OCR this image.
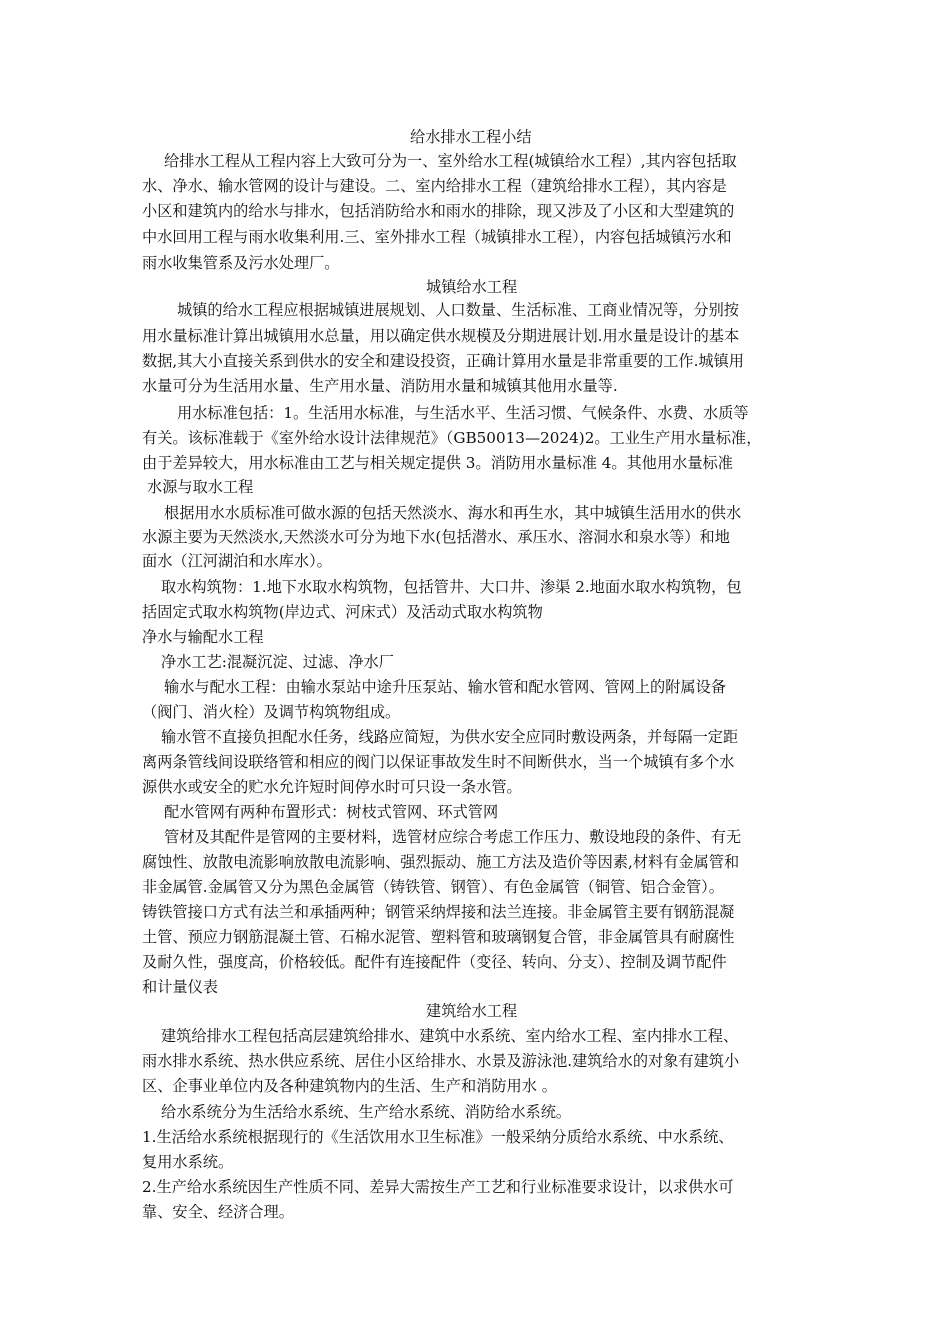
给水排水工程小结
给排水工程从工程内容上大致可分为一、室外给水工程(城镇给水工程）,其内容包括取
水、净水、输水管网的设计与建设。二、室内给排水工程（建筑给排水工程），其内容是
小区和建筑内的给水与排水，包括消防给水和雨水的排除，现又涉及了小区和大型建筑的
中水回用工程与雨水收集利用.三、室外排水工程（城镇排水工程），内容包括城镇污水和
雨水收集管系及污水处理厂。
城镇给水工程
城镇的给水工程应根据城镇进展规划、人口数量、生活标准、工商业情况等，分别按
用水量标准计算出城镇用水总量，用以确定供水规模及分期进展计划.用水量是设计的基本
数据,其大小直接关系到供水的安全和建设投资，正确计算用水量是非常重要的工作.城镇用
水量可分为生活用水量、生产用水量、消防用水量和城镇其他用水量等.
用水标准包括：1。生活用水标准，与生活水平、生活习惯、气候条件、水费、水质等
有关。该标准载于《室外给水设计法律规范》（GB50013—2024)2。工业生产用水量标准，
由于差异较大，用水标准由工艺与相关规定提供 3。消防用水量标准 4。其他用水量标准
水源与取水工程
根据用水水质标准可做水源的包括天然淡水、海水和再生水，其中城镇生活用水的供水
水源主要为天然淡水,天然淡水可分为地下水(包括潜水、承压水、溶洞水和泉水等）和地
面水（江河湖泊和水库水）。
取水构筑物：1.地下水取水构筑物，包括管井、大口井、渗渠 2.地面水取水构筑物，包
括固定式取水构筑物(岸边式、河床式）及活动式取水构筑物
净水与输配水工程
净水工艺:混凝沉淀、过滤、净水厂
输水与配水工程：由输水泵站中途升压泵站、输水管和配水管网、管网上的附属设备
（阀门、消火栓）及调节构筑物组成。
输水管不直接负担配水任务，线路应简短，为供水安全应同时敷设两条，并每隔一定距
离两条管线间设联络管和相应的阀门以保证事故发生时不间断供水，当一个城镇有多个水
源供水或安全的贮水允许短时间停水时可只设一条水管。
配水管网有两种布置形式：树枝式管网、环式管网
管材及其配件是管网的主要材料，选管材应综合考虑工作压力、敷设地段的条件、有无
腐蚀性、放散电流影响放散电流影响、强烈振动、施工方法及造价等因素,材料有金属管和
非金属管.金属管又分为黑色金属管（铸铁管、钢管）、有色金属管（铜管、铝合金管）。
铸铁管接口方式有法兰和承插两种；钢管采纳焊接和法兰连接。非金属管主要有钢筋混凝
土管、预应力钢筋混凝土管、石棉水泥管、塑料管和玻璃钢复合管，非金属管具有耐腐性
及耐久性，强度高，价格较低。配件有连接配件（变径、转向、分支）、控制及调节配件
和计量仪表
建筑给水工程
建筑给排水工程包括高层建筑给排水、建筑中水系统、室内给水工程、室内排水工程、
雨水排水系统、热水供应系统、居住小区给排水、水景及游泳池.建筑给水的对象有建筑小
区、企事业单位内及各种建筑物内的生活、生产和消防用水 。
给水系统分为生活给水系统、生产给水系统、消防给水系统。
1.生活给水系统根据现行的《生活饮用水卫生标准》一般采纳分质给水系统、中水系统、
复用水系统。
2.生产给水系统因生产性质不同、差异大需按生产工艺和行业标准要求设计，以求供水可
靠、安全、经济合理。
